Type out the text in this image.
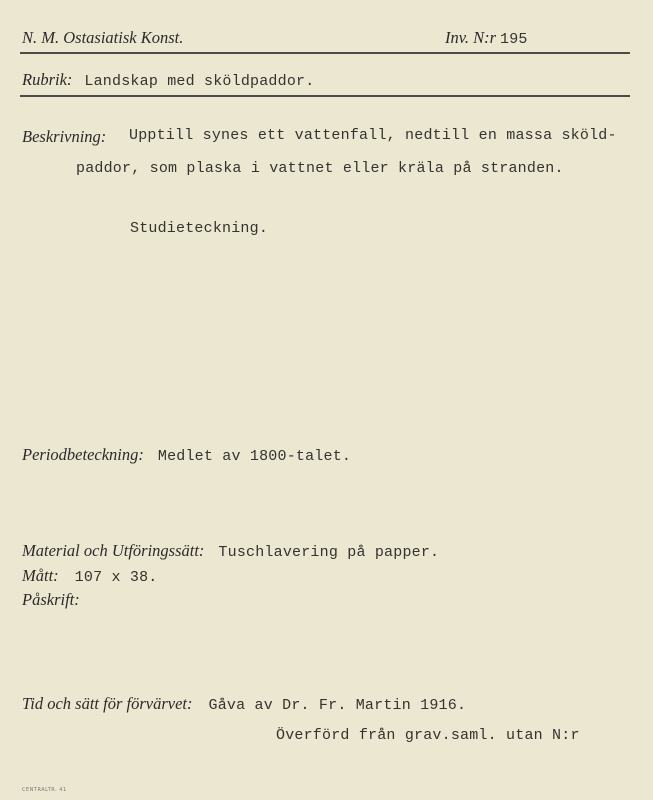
N. M. Ostasiatisk Konst.	Inv. N:r 195
Rubrik: Landskap med sköldpaddor.
Beskrivning: Upptill synes ett vattenfall, nedtill en massa sköld-
paddor, som plaska i vattnet eller kräla på stranden.
Studieteckning.
Periodbeteckning: Medlet av 1800-talet.
Material och Utföringssätt: Tuschlavering på papper.
Mått: 107 x 38.
Påskrift:
Tid och sätt för förvärvet: Gåva av Dr. Fr. Martin 1916.
Överförd från grav.saml. utan N:r
CENTRALTR. 41
